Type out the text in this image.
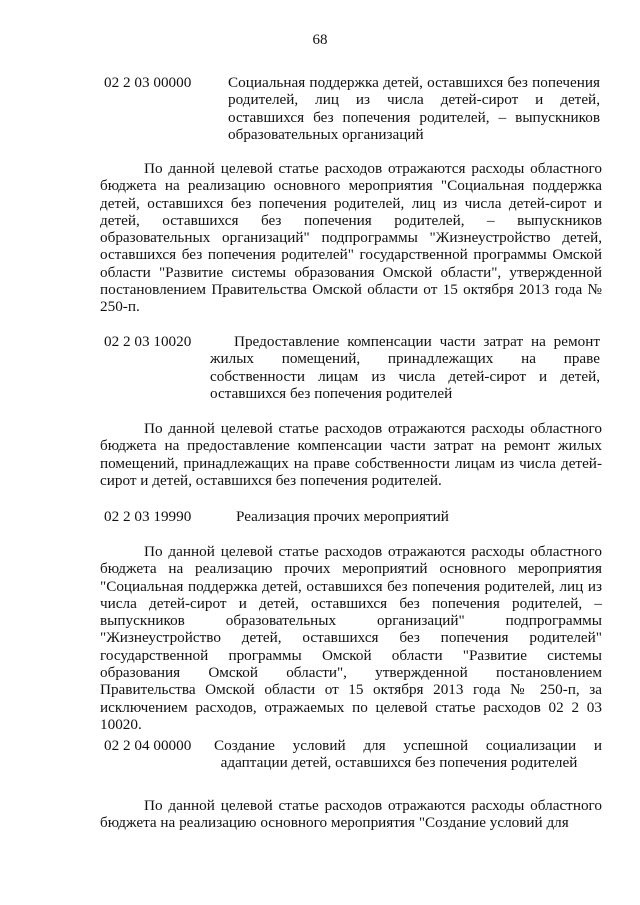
68
02 2 03 00000 Социальная поддержка детей, оставшихся без попечения родителей, лиц из числа детей-сирот и детей, оставшихся без попечения родителей, – выпускников образовательных организаций

По данной целевой статье расходов отражаются расходы областного бюджета на реализацию основного мероприятия "Социальная поддержка детей, оставшихся без попечения родителей, лиц из числа детей-сирот и детей, оставшихся без попечения родителей, – выпускников образовательных организаций" подпрограммы "Жизнеустройство детей, оставшихся без попечения родителей" государственной программы Омской области "Развитие системы образования Омской области", утвержденной постановлением Правительства Омской области от 15 октября 2013 года № 250-п.

02 2 03 10020	Предоставление компенсации части затрат на ремонт жилых помещений, принадлежащих на праве собственности лицам из числа детей-сирот и детей, оставшихся без попечения родителей

По данной целевой статье расходов отражаются расходы областного бюджета на предоставление компенсации части затрат на ремонт жилых помещений, принадлежащих на праве собственности лицам из числа детей-сирот и детей, оставшихся без попечения родителей.

02 2 03 19990	Реализация прочих мероприятий

По данной целевой статье расходов отражаются расходы областного бюджета на реализацию прочих мероприятий основного мероприятия "Социальная поддержка детей, оставшихся без попечения родителей, лиц из числа детей-сирот и детей, оставшихся без попечения родителей, – выпускников образовательных организаций" подпрограммы "Жизнеустройство детей, оставшихся без попечения родителей" государственной программы Омской области "Развитие системы образования Омской области", утвержденной постановлением Правительства Омской области от 15 октября 2013 года № 250-п, за исключением расходов, отражаемых по целевой статье расходов 02 2 03 10020.

02 2 04 00000	Создание условий для успешной социализации и адаптации детей, оставшихся без попечения родителей

По данной целевой статье расходов отражаются расходы областного бюджета на реализацию основного мероприятия "Создание условий для
